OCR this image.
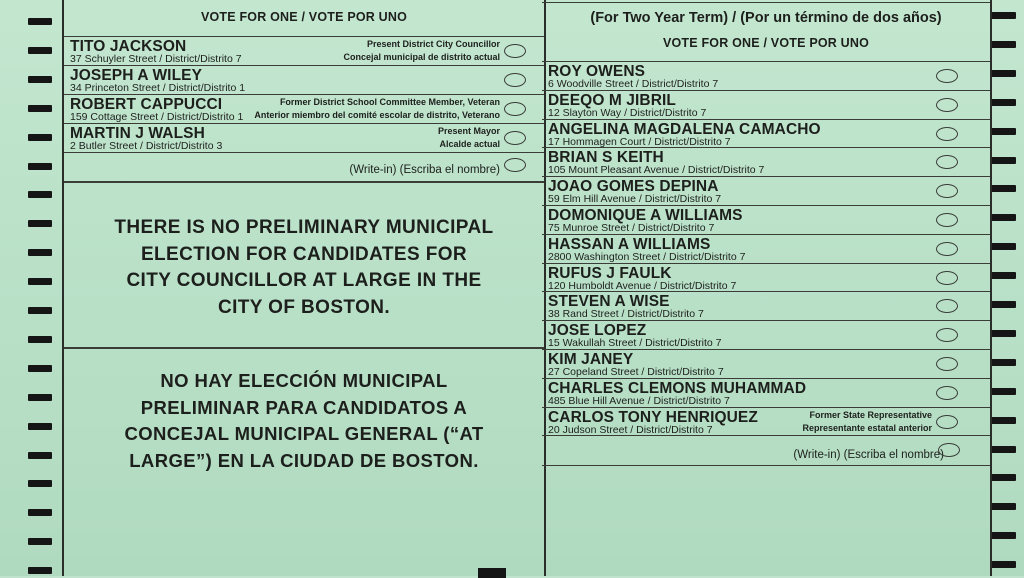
VOTE FOR ONE / VOTE POR UNO
TITO JACKSON
37 Schuyler Street / District/Distrito 7
Present District City Councillor
Concejal municipal de distrito actual
JOSEPH A WILEY
34 Princeton Street / District/Distrito 1
ROBERT CAPPUCCI
159 Cottage Street / District/Distrito 1
Former District School Committee Member, Veteran
Anterior miembro del comité escolar de distrito, Veterano
MARTIN J WALSH
2 Butler Street / District/Distrito 3
Present Mayor
Alcalde actual
(Write-in) (Escriba el nombre)
THERE IS NO PRELIMINARY MUNICIPAL
ELECTION FOR CANDIDATES FOR
CITY COUNCILLOR AT LARGE IN THE
CITY OF BOSTON.
NO HAY ELECCIÓN MUNICIPAL
PRELIMINAR PARA CANDIDATOS A
CONCEJAL MUNICIPAL GENERAL (“AT
LARGE”) EN LA CIUDAD DE BOSTON.
(For Two Year Term) / (Por un término de dos años)
VOTE FOR ONE / VOTE POR UNO
ROY OWENS
6 Woodville Street / District/Distrito 7
DEEQO M JIBRIL
12 Slayton Way / District/Distrito 7
ANGELINA MAGDALENA CAMACHO
17 Hommagen Court / District/Distrito 7
BRIAN S KEITH
105 Mount Pleasant Avenue / District/Distrito 7
JOAO GOMES DEPINA
59 Elm Hill Avenue / District/Distrito 7
DOMONIQUE A WILLIAMS
75 Munroe Street / District/Distrito 7
HASSAN A WILLIAMS
2800 Washington Street / District/Distrito 7
RUFUS J FAULK
120 Humboldt Avenue / District/Distrito 7
STEVEN A WISE
38 Rand Street / District/Distrito 7
JOSE LOPEZ
15 Wakullah Street / District/Distrito 7
KIM JANEY
27 Copeland Street / District/Distrito 7
CHARLES CLEMONS MUHAMMAD
485 Blue Hill Avenue / District/Distrito 7
CARLOS TONY HENRIQUEZ
20 Judson Street / District/Distrito 7
Former State Representative
Representante estatal anterior
(Write-in) (Escriba el nombre)
